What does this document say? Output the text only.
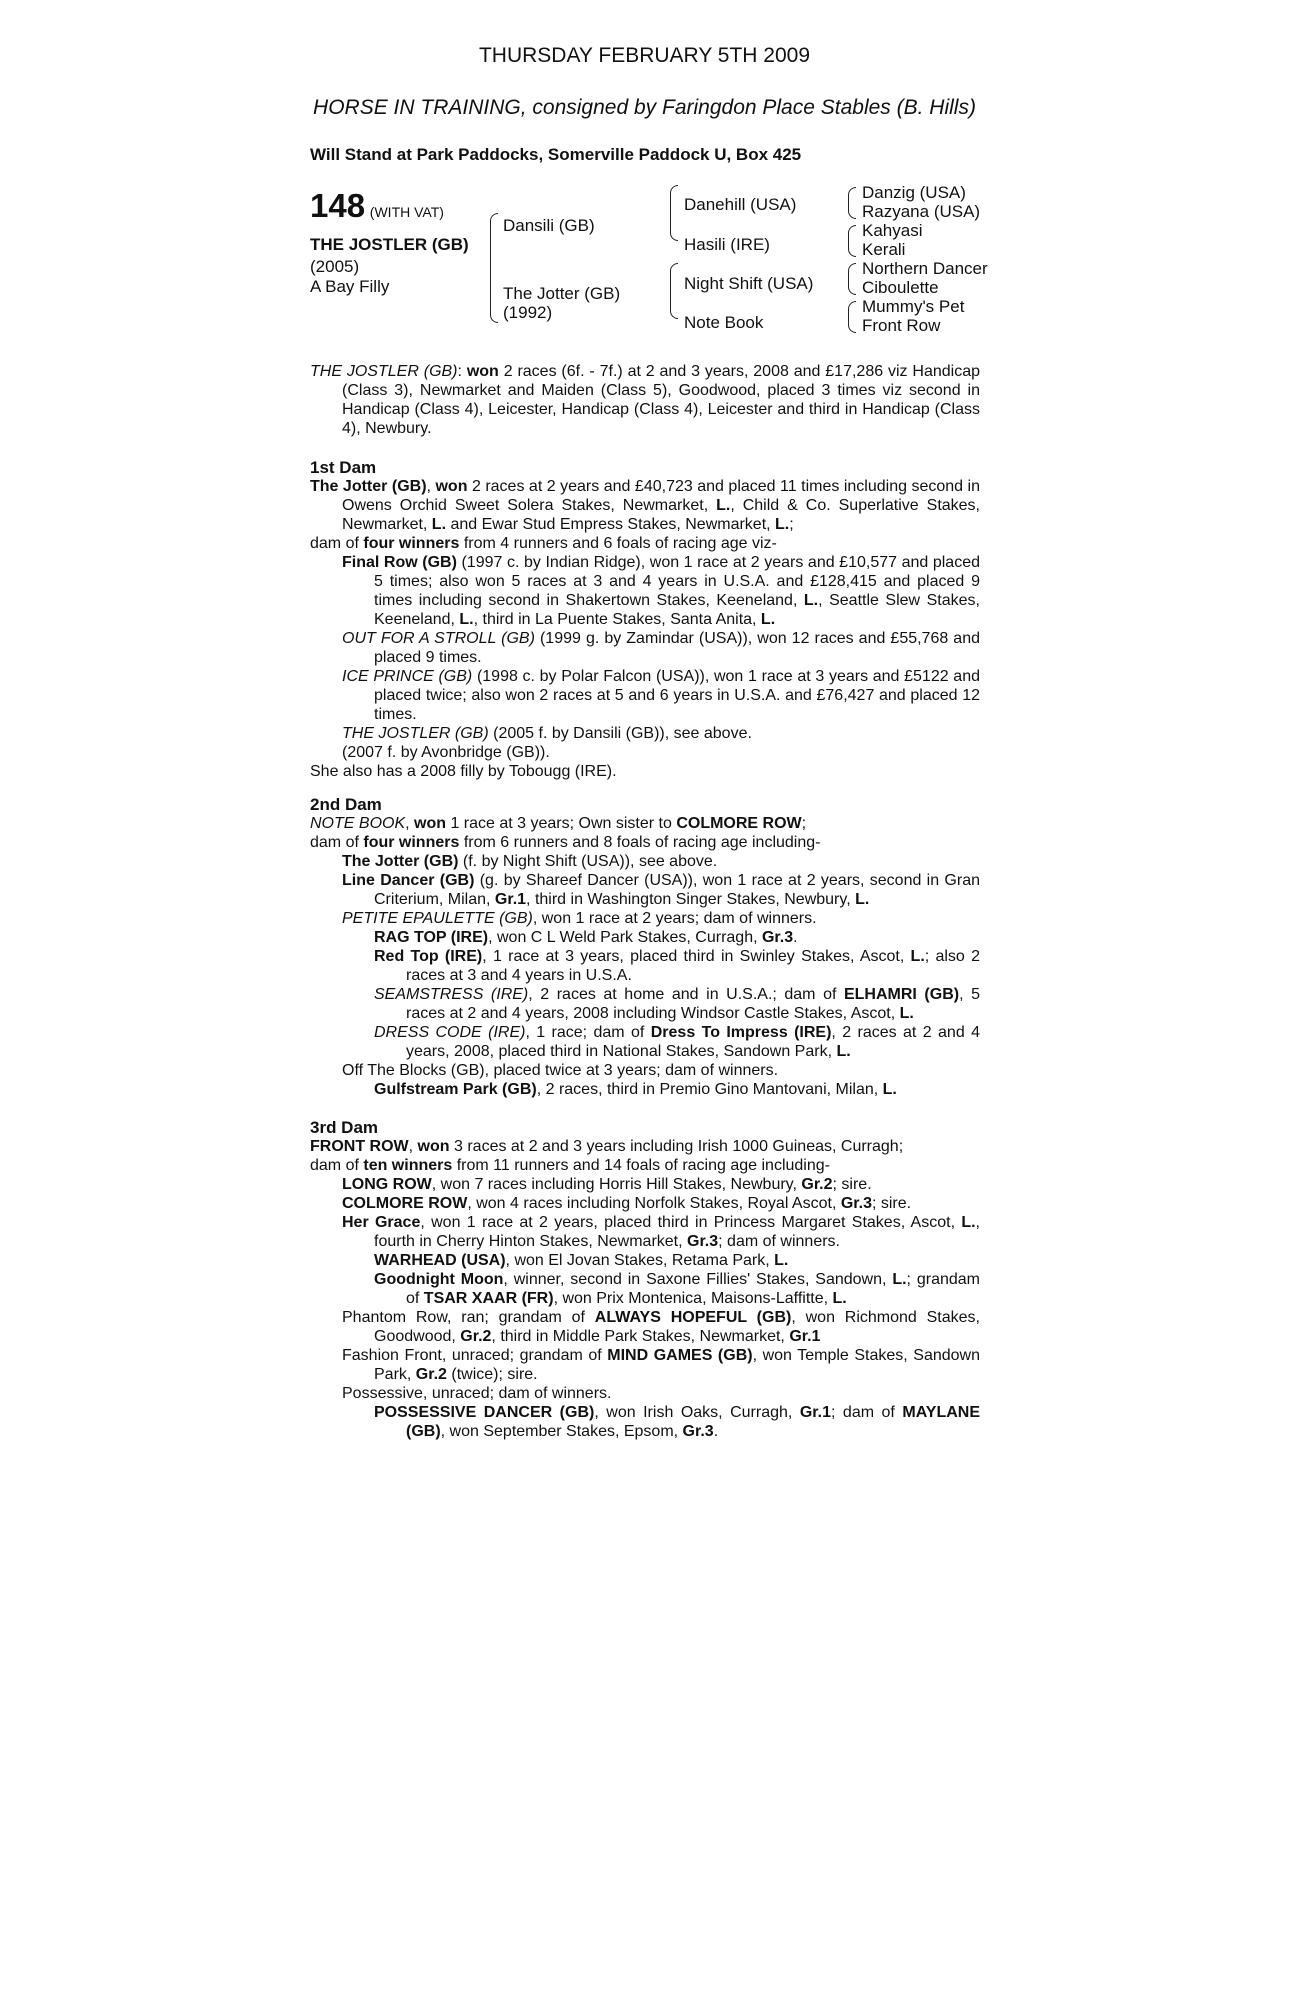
THURSDAY FEBRUARY 5TH 2009
HORSE IN TRAINING, consigned by Faringdon Place Stables (B. Hills)
Will Stand at Park Paddocks, Somerville Paddock U, Box 425
148 (WITH VAT)
THE JOSTLER (GB)
(2005)
A Bay Filly
Dansili (GB)
The Jotter (GB)
(1992)
Danehill (USA)
Hasili (IRE)
Night Shift (USA)
Note Book
Danzig (USA)
Razyana (USA)
Kahyasi
Kerali
Northern Dancer
Ciboulette
Mummy's Pet
Front Row

THE JOSTLER (GB): won 2 races (6f. - 7f.) at 2 and 3 years, 2008 and £17,286 viz Handicap (Class 3), Newmarket and Maiden (Class 5), Goodwood, placed 3 times viz second in Handicap (Class 4), Leicester, Handicap (Class 4), Leicester and third in Handicap (Class 4), Newbury.

1st Dam

The Jotter (GB), won 2 races at 2 years and £40,723 and placed 11 times including second in Owens Orchid Sweet Solera Stakes, Newmarket, L., Child & Co. Superlative Stakes, Newmarket, L. and Ewar Stud Empress Stakes, Newmarket, L.;

dam of four winners from 4 runners and 6 foals of racing age viz-

Final Row (GB) (1997 c. by Indian Ridge), won 1 race at 2 years and £10,577 and placed 5 times; also won 5 races at 3 and 4 years in U.S.A. and £128,415 and placed 9 times including second in Shakertown Stakes, Keeneland, L., Seattle Slew Stakes, Keeneland, L., third in La Puente Stakes, Santa Anita, L.

OUT FOR A STROLL (GB) (1999 g. by Zamindar (USA)), won 12 races and £55,768 and placed 9 times.

ICE PRINCE (GB) (1998 c. by Polar Falcon (USA)), won 1 race at 3 years and £5122 and placed twice; also won 2 races at 5 and 6 years in U.S.A. and £76,427 and placed 12 times.

THE JOSTLER (GB) (2005 f. by Dansili (GB)), see above.

(2007 f. by Avonbridge (GB)).

She also has a 2008 filly by Tobougg (IRE).

2nd Dam

NOTE BOOK, won 1 race at 3 years; Own sister to COLMORE ROW;

dam of four winners from 6 runners and 8 foals of racing age including-

The Jotter (GB) (f. by Night Shift (USA)), see above.

Line Dancer (GB) (g. by Shareef Dancer (USA)), won 1 race at 2 years, second in Gran Criterium, Milan, Gr.1, third in Washington Singer Stakes, Newbury, L.

PETITE EPAULETTE (GB), won 1 race at 2 years; dam of winners.

RAG TOP (IRE), won C L Weld Park Stakes, Curragh, Gr.3.

Red Top (IRE), 1 race at 3 years, placed third in Swinley Stakes, Ascot, L.; also 2 races at 3 and 4 years in U.S.A.

SEAMSTRESS (IRE), 2 races at home and in U.S.A.; dam of ELHAMRI (GB), 5 races at 2 and 4 years, 2008 including Windsor Castle Stakes, Ascot, L.

DRESS CODE (IRE), 1 race; dam of Dress To Impress (IRE), 2 races at 2 and 4 years, 2008, placed third in National Stakes, Sandown Park, L.

Off The Blocks (GB), placed twice at 3 years; dam of winners.

Gulfstream Park (GB), 2 races, third in Premio Gino Mantovani, Milan, L.

3rd Dam

FRONT ROW, won 3 races at 2 and 3 years including Irish 1000 Guineas, Curragh;

dam of ten winners from 11 runners and 14 foals of racing age including-

LONG ROW, won 7 races including Horris Hill Stakes, Newbury, Gr.2; sire.

COLMORE ROW, won 4 races including Norfolk Stakes, Royal Ascot, Gr.3; sire.

Her Grace, won 1 race at 2 years, placed third in Princess Margaret Stakes, Ascot, L., fourth in Cherry Hinton Stakes, Newmarket, Gr.3; dam of winners.

WARHEAD (USA), won El Jovan Stakes, Retama Park, L.

Goodnight Moon, winner, second in Saxone Fillies' Stakes, Sandown, L.; grandam of TSAR XAAR (FR), won Prix Montenica, Maisons-Laffitte, L.

Phantom Row, ran; grandam of ALWAYS HOPEFUL (GB), won Richmond Stakes, Goodwood, Gr.2, third in Middle Park Stakes, Newmarket, Gr.1

Fashion Front, unraced; grandam of MIND GAMES (GB), won Temple Stakes, Sandown Park, Gr.2 (twice); sire.

Possessive, unraced; dam of winners.

POSSESSIVE DANCER (GB), won Irish Oaks, Curragh, Gr.1; dam of MAYLANE (GB), won September Stakes, Epsom, Gr.3.
